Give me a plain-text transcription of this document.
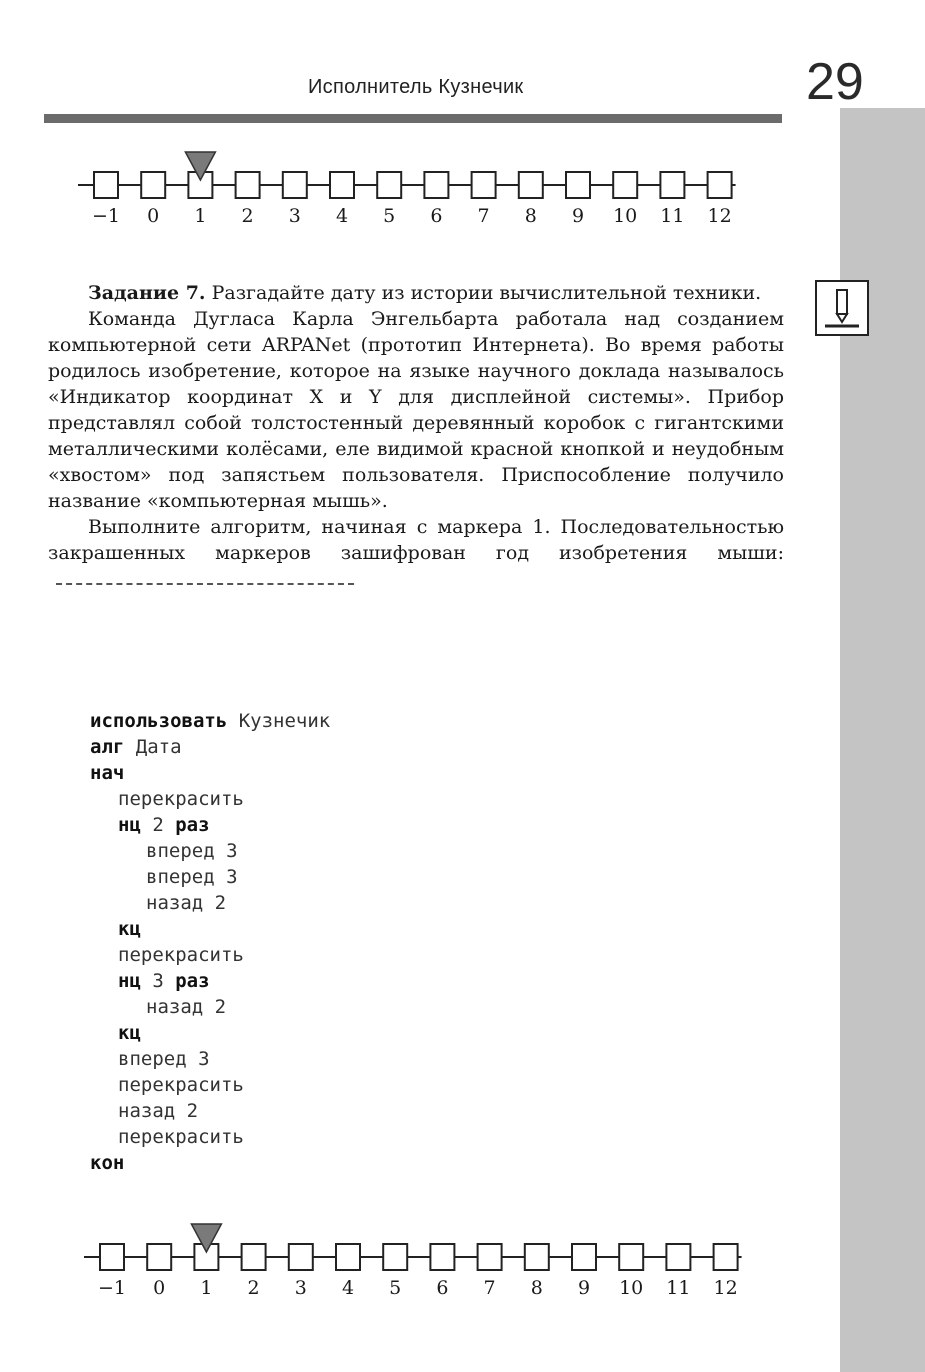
Исполнитель Кузнечик	29
−1 0 1 2 3 4 5 6 7 8 9 10 11 12

Задание 7. Разгадайте дату из истории вычислительной техники.

Команда Дугласа Карла Энгельбарта работала над созданием компьютерной сети ARPANet (прототип Интернета). Во время работы родилось изобретение, которое на языке научного доклада называлось «Индикатор координат X и Y для дисплейной системы». Прибор представлял собой толстостенный деревянный коробок с гигантскими металлическими колёсами, еле видимой красной кнопкой и неудобным «хвостом» под запястьем пользователя. Приспособление получило название «компьютерная мышь».

Выполните алгоритм, начиная с маркера 1. Последовательностью закрашенных маркеров зашифрован год изобретения мыши:

использовать Кузнечик
алг Дата
нач
перекрасить
нц 2 раз
вперед 3
вперед 3
назад 2
кц
перекрасить
нц 3 раз
назад 2
кц
вперед 3
перекрасить
назад 2
перекрасить
кон
−1 0 1 2 3 4 5 6 7 8 9 10 11 12
